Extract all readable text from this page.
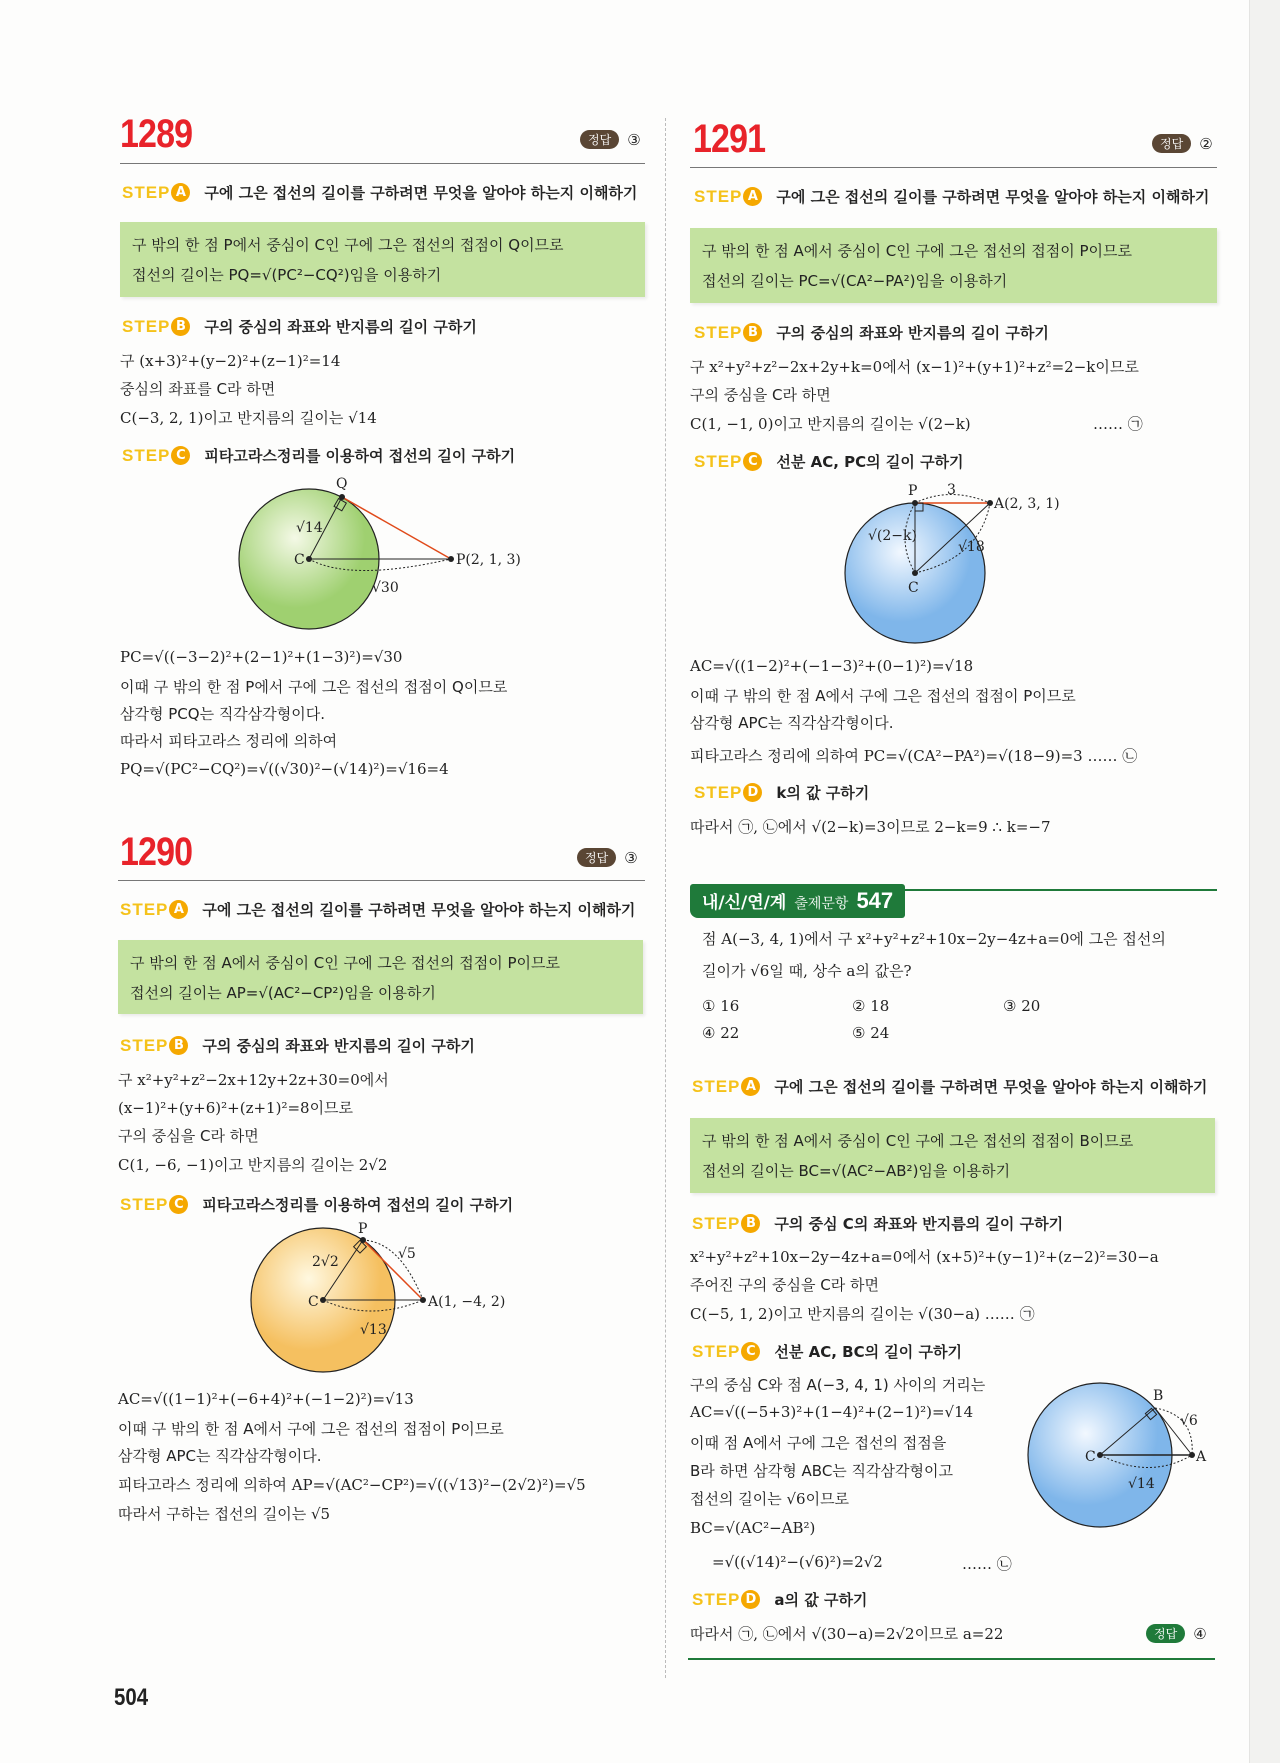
1289	정답	③
STEP A 구에 그은 접선의 길이를 구하려면 무엇을 알아야 하는지 이해하기
구 밖의 한 점 P에서 중심이 C인 구에 그은 접선의 접점이 Q이므로
접선의 길이는 PQ=√(PC²−CQ²)임을 이용하기
STEP B	구의 중심의 좌표와 반지름의 길이 구하기
구 (x+3)²+(y−2)²+(z−1)²=14
중심의 좌표를 C라 하면
C(−3, 2, 1)이고 반지름의 길이는 √14
STEP C	피타고라스정리를 이용하여 접선의 길이 구하기
Q
C	P(2, 1, 3)
√14
√30
PC=√((−3−2)²+(2−1)²+(1−3)²)=√30
이때 구 밖의 한 점 P에서 구에 그은 접선의 접점이 Q이므로
삼각형 PCQ는 직각삼각형이다.
따라서 피타고라스 정리에 의하여
PQ=√(PC²−CQ²)=√((√30)²−(√14)²)=√16=4
1290	정답	③
STEP A 구에 그은 접선의 길이를 구하려면 무엇을 알아야 하는지 이해하기
구 밖의 한 점 A에서 중심이 C인 구에 그은 접선의 접점이 P이므로
접선의 길이는 AP=√(AC²−CP²)임을 이용하기
STEP B	구의 중심의 좌표와 반지름의 길이 구하기
구 x²+y²+z²−2x+12y+2z+30=0에서
(x−1)²+(y+6)²+(z+1)²=8이므로
구의 중심을 C라 하면
C(1, −6, −1)이고 반지름의 길이는 2√2
STEP C	피타고라스정리를 이용하여 접선의 길이 구하기
P
C	A(1, −4, 2)
2√2	√5
√13
AC=√((1−1)²+(−6+4)²+(−1−2)²)=√13
이때 구 밖의 한 점 A에서 구에 그은 접선의 접점이 P이므로
삼각형 APC는 직각삼각형이다.
피타고라스 정리에 의하여 AP=√(AC²−CP²)=√((√13)²−(2√2)²)=√5
따라서 구하는 접선의 길이는 √5
504
1291	정답	②
STEP A 구에 그은 접선의 길이를 구하려면 무엇을 알아야 하는지 이해하기
구 밖의 한 점 A에서 중심이 C인 구에 그은 접선의 접점이 P이므로
접선의 길이는 PC=√(CA²−PA²)임을 이용하기
STEP B	구의 중심의 좌표와 반지름의 길이 구하기
구 x²+y²+z²−2x+2y+k=0에서 (x−1)²+(y+1)²+z²=2−k이므로
구의 중심을 C라 하면
C(1, −1, 0)이고 반지름의 길이는 √(2−k)	…… ㉠
STEP C	선분 AC, PC의 길이 구하기
P 3
A(2, 3, 1)
C
√(2−k)
√18
AC=√((1−2)²+(−1−3)²+(0−1)²)=√18
이때 구 밖의 한 점 A에서 구에 그은 접선의 접점이 P이므로
삼각형 APC는 직각삼각형이다.
피타고라스 정리에 의하여 PC=√(CA²−PA²)=√(18−9)=3 …… ㉡
STEP D k의 값 구하기
따라서 ㉠, ㉡에서 √(2−k)=3이므로 2−k=9 ∴ k=−7
내/신/연/계 출제문항 547
점 A(−3, 4, 1)에서 구 x²+y²+z²+10x−2y−4z+a=0에 그은 접선의
길이가 √6일 때, 상수 a의 값은?
① 16	② 18	③ 20
④ 22	⑤ 24
STEP A 구에 그은 접선의 길이를 구하려면 무엇을 알아야 하는지 이해하기
구 밖의 한 점 A에서 중심이 C인 구에 그은 접선의 접점이 B이므로
접선의 길이는 BC=√(AC²−AB²)임을 이용하기
STEP B	구의 중심 C의 좌표와 반지름의 길이 구하기
x²+y²+z²+10x−2y−4z+a=0에서 (x+5)²+(y−1)²+(z−2)²=30−a
주어진 구의 중심을 C라 하면
C(−5, 1, 2)이고 반지름의 길이는 √(30−a) …… ㉠
STEP C	선분 AC, BC의 길이 구하기
구의 중심 C와 점 A(−3, 4, 1) 사이의 거리는
AC=√((−5+3)²+(1−4)²+(2−1)²)=√14
이때 점 A에서 구에 그은 접선의 접점을
B라 하면 삼각형 ABC는 직각삼각형이고
접선의 길이는 √6이므로
BC=√(AC²−AB²)
=√((√14)²−(√6)²)=2√2	…… ㉡
B
C	A
√6
√14
STEP D a의 값 구하기
따라서 ㉠, ㉡에서 √(30−a)=2√2이므로 a=22	정답	④
